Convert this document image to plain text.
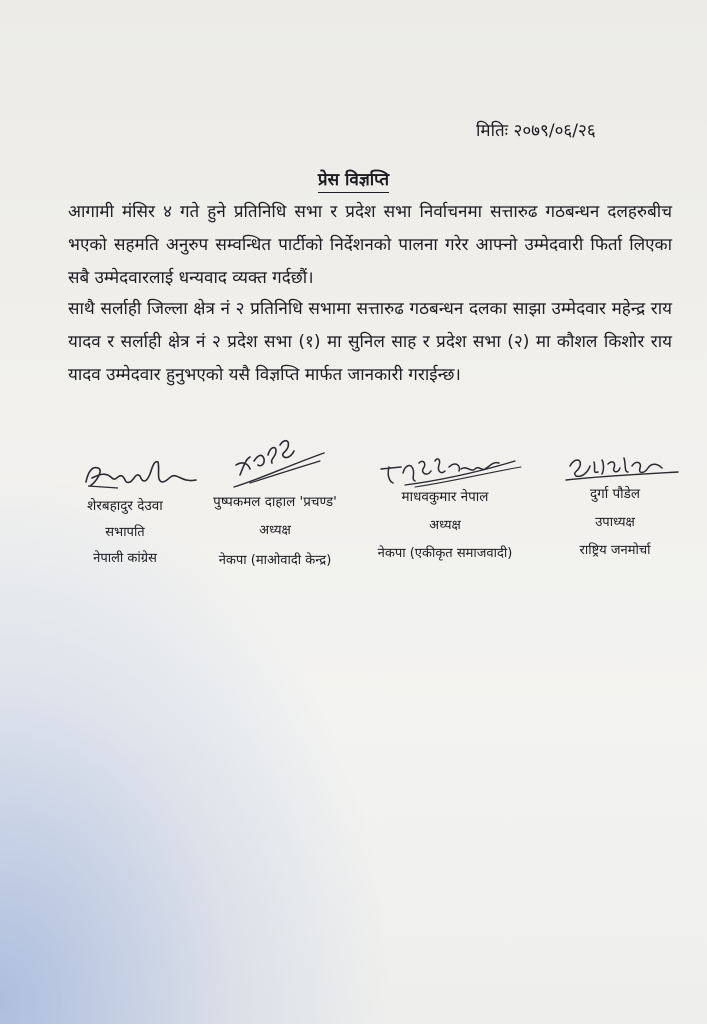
मितिः २०७९/०६/२६
प्रेस विज्ञप्ति
आगामी मंसिर ४ गते हुने प्रतिनिधि सभा र प्रदेश सभा निर्वाचनमा सत्तारुढ गठबन्धन दलहरुबीच भएको सहमति अनुरुप सम्वन्धित पार्टीको निर्देशनको पालना गरेर आफ्नो उम्मेदवारी फिर्ता लिएका सबै उम्मेदवारलाई धन्यवाद व्यक्त गर्दछौं।
साथै सर्लाही जिल्ला क्षेत्र नं २ प्रतिनिधि सभामा सत्तारुढ गठबन्धन दलका साझा उम्मेदवार महेन्द्र राय यादव र सर्लाही क्षेत्र नं २ प्रदेश सभा (१) मा सुनिल साह र प्रदेश सभा (२) मा कौशल किशोर राय यादव उम्मेदवार हुनुभएको यसै विज्ञप्ति मार्फत जानकारी गराईन्छ।
शेरबहादुर देउवा
सभापति
नेपाली कांग्रेस
पुष्पकमल दाहाल 'प्रचण्ड'
अध्यक्ष
नेकपा (माओवादी केन्द्र)
माधवकुमार नेपाल
अध्यक्ष
नेकपा (एकीकृत समाजवादी)
दुर्गा पौडेल
उपाध्यक्ष
राष्ट्रिय जनमोर्चा
